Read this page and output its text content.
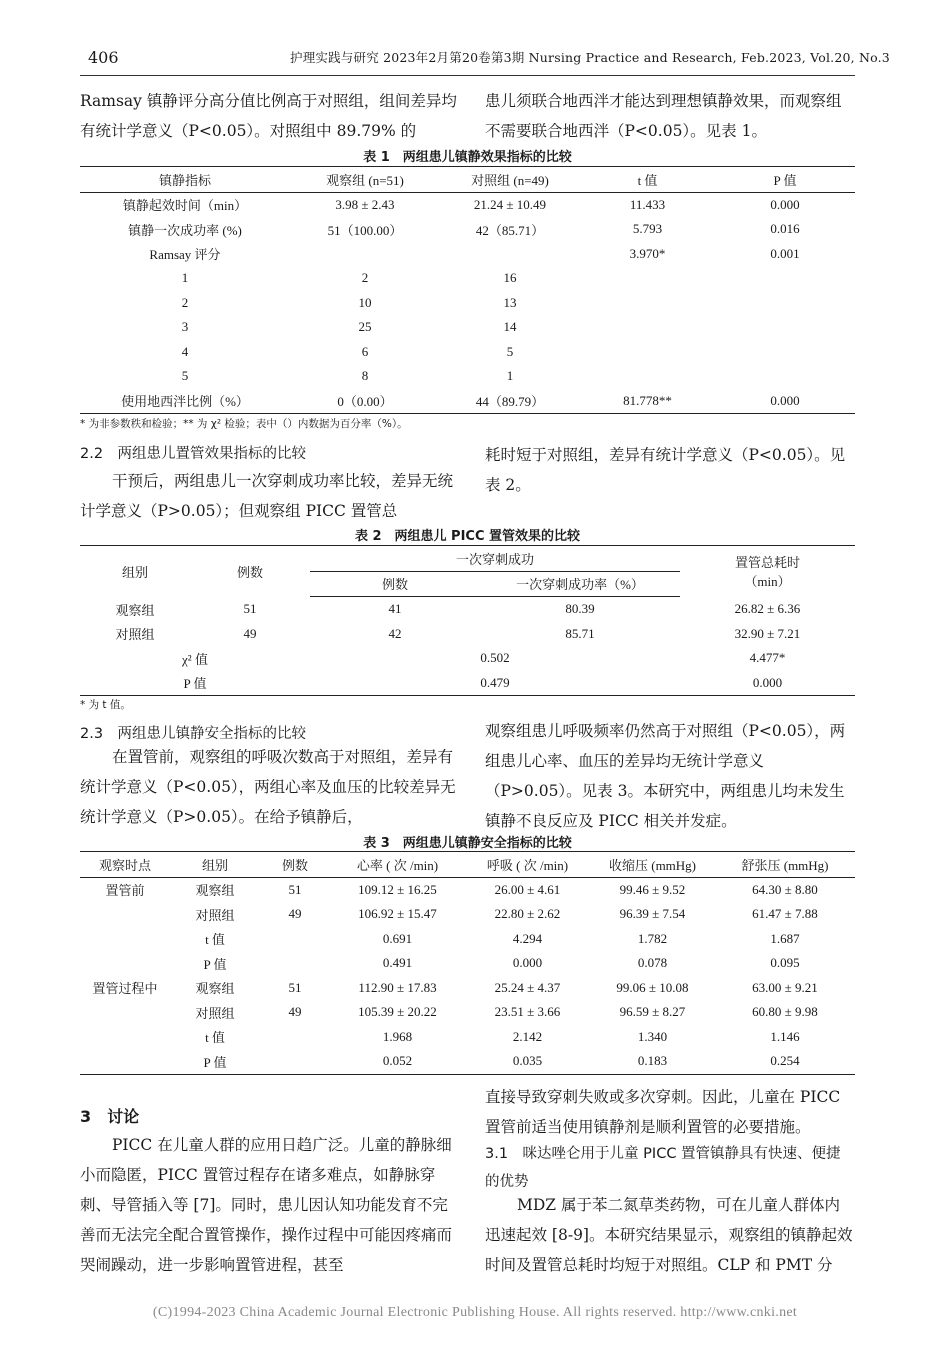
406	护理实践与研究 2023年2月第20卷第3期 Nursing Practice and Research, Feb.2023, Vol.20, No.3
Ramsay 镇静评分高分值比例高于对照组，组间差异均有统计学意义（P<0.05）。对照组中 89.79% 的
患儿须联合地西泮才能达到理想镇静效果，而观察组不需要联合地西泮（P<0.05）。见表 1。
表 1　两组患儿镇静效果指标的比较
镇静指标	观察组 (n=51)	对照组 (n=49)	t 值	P 值
镇静起效时间（min）	3.98 ± 2.43	21.24 ± 10.49	11.433	0.000
镇静一次成功率 (%)	51（100.00）	42（85.71）	5.793	0.016
Ramsay 评分			3.970*	0.001
1	2	16		
2	10	13		
3	25	14		
4	6	5		
5	8	1		
使用地西泮比例（%）	0（0.00）	44（89.79）	81.778**	0.000
* 为非参数秩和检验；** 为 χ² 检验；表中（）内数据为百分率（%）。
2.2　两组患儿置管效果指标的比较
干预后，两组患儿一次穿刺成功率比较，差异无统计学意义（P>0.05）；但观察组 PICC 置管总
耗时短于对照组，差异有统计学意义（P<0.05）。见表 2。
表 2　两组患儿 PICC 置管效果的比较
组别	例数	一次穿刺成功		置管总耗时
（min）

		例数	一次穿刺成功率（%）	
观察组	51	41	80.39	26.82 ± 6.36
对照组	49	42	85.71	32.90 ± 7.21
χ² 值		0.502		4.477*
P 值		0.479		0.000
* 为 t 值。
2.3　两组患儿镇静安全指标的比较
在置管前，观察组的呼吸次数高于对照组，差异有统计学意义（P<0.05），两组心率及血压的比较差异无统计学意义（P>0.05）。在给予镇静后，
观察组患儿呼吸频率仍然高于对照组（P<0.05），两组患儿心率、血压的差异均无统计学意义（P>0.05）。见表 3。本研究中，两组患儿均未发生镇静不良反应及 PICC 相关并发症。
表 3　两组患儿镇静安全指标的比较
观察时点	组别	例数	心率 ( 次 /min)	呼吸 ( 次 /min)	收缩压 (mmHg)	舒张压 (mmHg)
置管前	观察组	51	109.12 ± 16.25	26.00 ± 4.61	99.46 ± 9.52	64.30 ± 8.80
	对照组	49	106.92 ± 15.47	22.80 ± 2.62	96.39 ± 7.54	61.47 ± 7.88
	t 值		0.691	4.294	1.782	1.687
	P 值		0.491	0.000	0.078	0.095
置管过程中	观察组	51	112.90 ± 17.83	25.24 ± 4.37	99.06 ± 10.08	63.00 ± 9.21
	对照组	49	105.39 ± 20.22	23.51 ± 3.66	96.59 ± 8.27	60.80 ± 9.98
	t 值		1.968	2.142	1.340	1.146
	P 值		0.052	0.035	0.183	0.254
3　讨论
PICC 在儿童人群的应用日趋广泛。儿童的静脉细小而隐匿，PICC 置管过程存在诸多难点，如静脉穿刺、导管插入等 [7]。同时，患儿因认知功能发育不完善而无法完全配合置管操作，操作过程中可能因疼痛而哭闹躁动，进一步影响置管进程，甚至
直接导致穿刺失败或多次穿刺。因此，儿童在 PICC 置管前适当使用镇静剂是顺利置管的必要措施。
3.1　咪达唑仑用于儿童 PICC 置管镇静具有快速、便捷的优势
MDZ 属于苯二氮草类药物，可在儿童人群体内迅速起效 [8-9]。本研究结果显示，观察组的镇静起效时间及置管总耗时均短于对照组。CLP 和 PMT 分
(C)1994-2023 China Academic Journal Electronic Publishing House. All rights reserved. http://www.cnki.net
